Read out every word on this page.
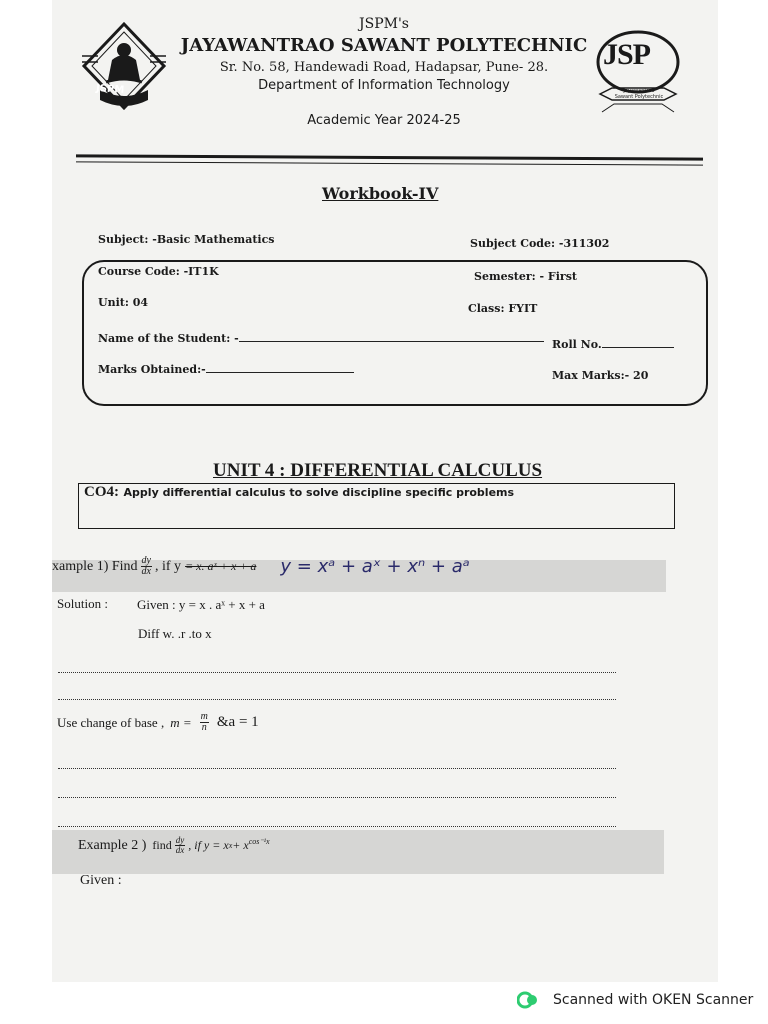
JSPM
JSPM's
JAYAWANTRAO SAWANT POLYTECHNIC
Sr. No. 58, Handewadi Road, Hadapsar, Pune- 28.
Department of Information Technology
Academic Year 2024-25
JSP
Jayawantrao Sawant Polytechnic
Workbook-IV
Subject: -Basic Mathematics	Subject Code: -311302
Course Code: -IT1K	Semester: - First
Unit: 04	Class: FYIT
Name of the Student: -	Roll No.
Marks Obtained:-	Max Marks:- 20
UNIT 4 : DIFFERENTIAL CALCULUS
CO4: Apply differential calculus to solve discipline specific problems
xample 1) Find $\frac{dy}{dx}$ , if y = x. aˣ + x + a y = xᵃ + aˣ + xⁿ + aᵃ
Solution : Given : y = x . aˣ + x + a
Diff w. .r .to x
Use change of base , $m = \frac{m}{n}$ &a = 1
Example 2 ) find $\frac{dy}{dx}$ , if y = x $x + x^{cos^{-1}x}$
Given :
Scanned with OKEN Scanner
